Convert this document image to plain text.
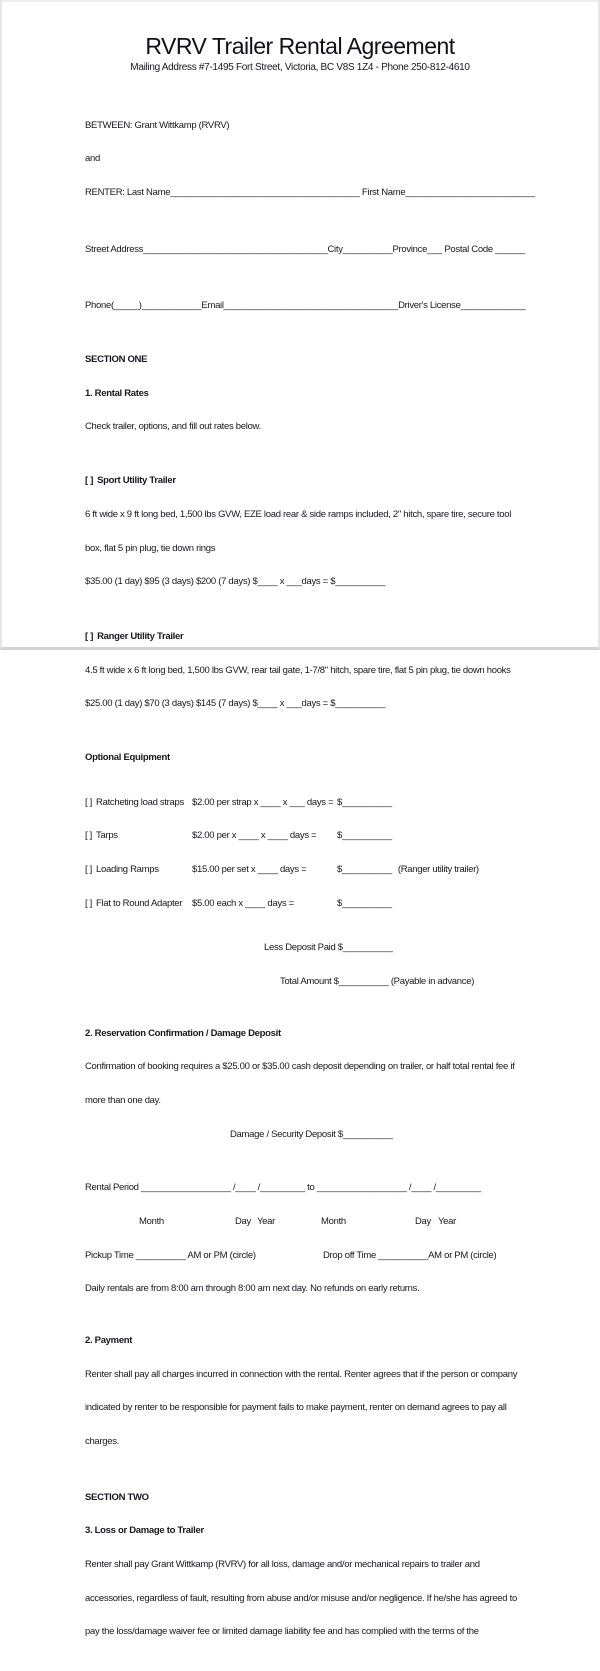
RVRV Trailer Rental Agreement
Mailing Address #7-1495 Fort Street, Victoria, BC V8S 1Z4 - Phone 250-812-4610

BETWEEN: Grant Wittkamp (RVRV)

and

RENTER: Last Name______________________________________ First Name__________________________

Street Address_____________________________________City__________Province___ Postal Code ______

Phone(_____)____________Email___________________________________Driver's License_____________

SECTION ONE

1. Rental Rates

Check trailer, options, and fill out rates below.

[ ] Sport Utility Trailer

6 ft wide x 9 ft long bed, 1,500 lbs GVW, EZE load rear & side ramps included, 2" hitch, spare tire, secure tool

box, flat 5 pin plug, tie down rings

$35.00 (1 day) $95 (3 days) $200 (7 days) $____ x ___days = $__________

[ ] Ranger Utility Trailer

4.5 ft wide x 6 ft long bed, 1,500 lbs GVW, rear tail gate, 1-7/8" hitch, spare tire, flat 5 pin plug, tie down hooks

$25.00 (1 day) $70 (3 days) $145 (7 days) $____ x ___days = $__________

Optional Equipment

[ ] Ratcheting load straps $2.00 per strap x ____ x ___ days = $__________

[ ] Tarps	$2.00 per x ____ x ____ days =	$__________

[ ] Loading Ramps	$15.00 per set x ____ days =	$__________ (Ranger utility trailer)

[ ] Flat to Round Adapter	$5.00 each x ____ days =	$__________

Less Deposit Paid $__________

Total Amount $__________ (Payable in advance)

2. Reservation Confirmation / Damage Deposit

Confirmation of booking requires a $25.00 or $35.00 cash deposit depending on trailer, or half total rental fee if

more than one day.

Damage / Security Deposit $__________

Rental Period __________________ /____ /_________ to __________________ /____ /_________

Month

	Day

Year

	Month

	Day

Year

Pickup Time __________ AM or PM (circle)	Drop off Time __________AM or PM (circle)

Daily rentals are from 8:00 am through 8:00 am next day. No refunds on early returns.

2. Payment

Renter shall pay all charges incurred in connection with the rental. Renter agrees that if the person or company

indicated by renter to be responsible for payment fails to make payment, renter on demand agrees to pay all

charges.

SECTION TWO

3. Loss or Damage to Trailer

Renter shall pay Grant Wittkamp (RVRV) for all loss, damage and/or mechanical repairs to trailer and

accessories, regardless of fault, resulting from abuse and/or misuse and/or negligence. If he/she has agreed to

pay the loss/damage waiver fee or limited damage liability fee and has complied with the terms of the
